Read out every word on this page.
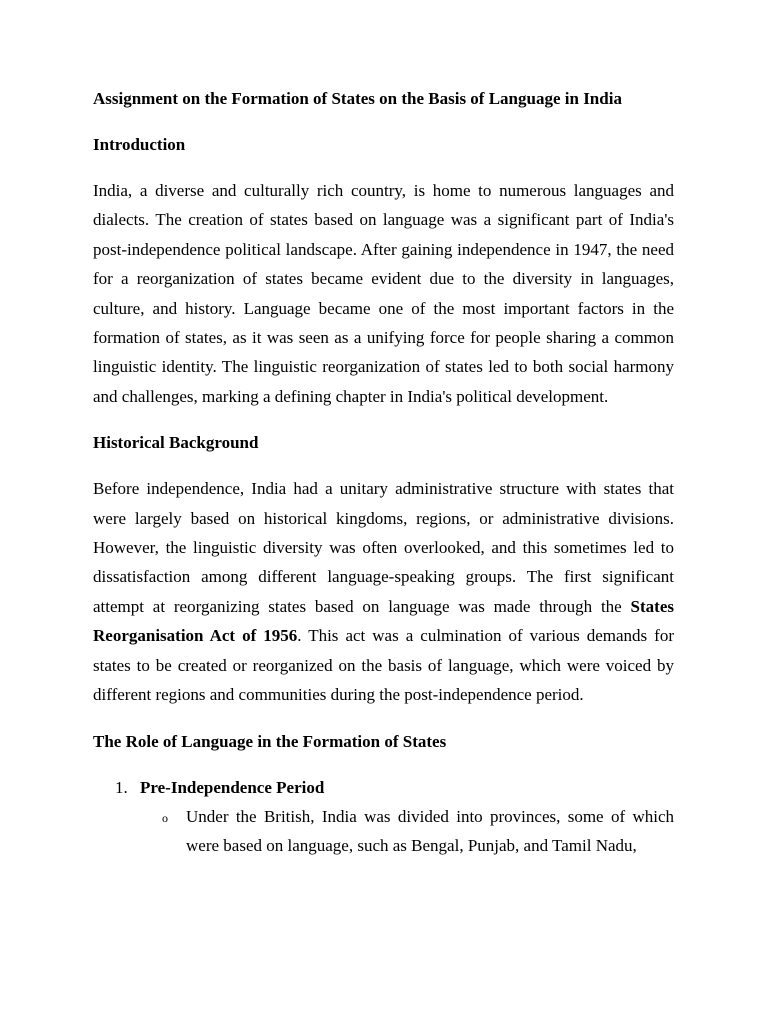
Assignment on the Formation of States on the Basis of Language in India

Introduction

India, a diverse and culturally rich country, is home to numerous languages and dialects. The creation of states based on language was a significant part of India's post-independence political landscape. After gaining independence in 1947, the need for a reorganization of states became evident due to the diversity in languages, culture, and history. Language became one of the most important factors in the formation of states, as it was seen as a unifying force for people sharing a common linguistic identity. The linguistic reorganization of states led to both social harmony and challenges, marking a defining chapter in India's political development.

Historical Background

Before independence, India had a unitary administrative structure with states that were largely based on historical kingdoms, regions, or administrative divisions. However, the linguistic diversity was often overlooked, and this sometimes led to dissatisfaction among different language-speaking groups. The first significant attempt at reorganizing states based on language was made through the States Reorganisation Act of 1956. This act was a culmination of various demands for states to be created or reorganized on the basis of language, which were voiced by different regions and communities during the post-independence period.

The Role of Language in the Formation of States

1. Pre-Independence Period
o Under the British, India was divided into provinces, some of which were based on language, such as Bengal, Punjab, and Tamil Nadu,
